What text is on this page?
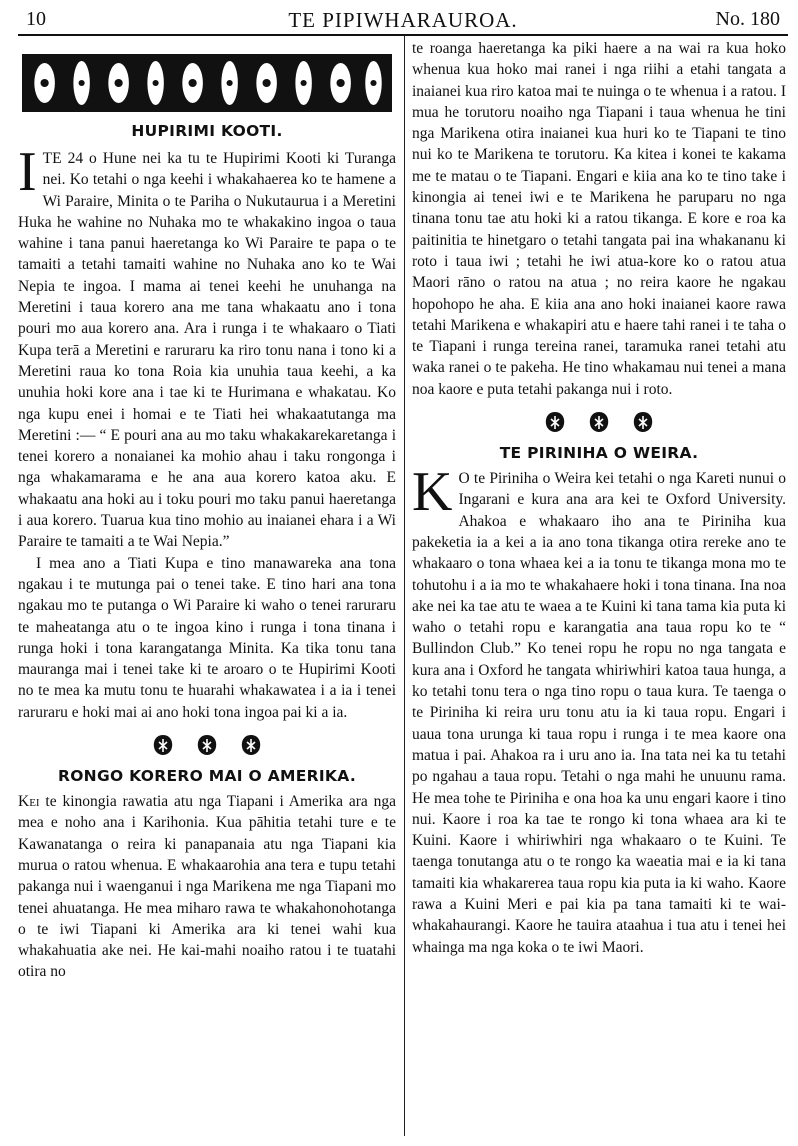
10	TE PIPIWHARAUROA.	No. 180
HUPIRIMI KOOTI.

ITE 24 o Hune nei ka tu te Hupirimi Kooti ki Turanga nei. Ko tetahi o nga keehi i whakahaerea ko te hamene a Wi Paraire, Minita o te Pariha o Nukutaurua i a Meretini Huka he wahine no Nuhaka mo te whakakino ingoa o taua wahine i tana panui haeretanga ko Wi Paraire te papa o te tamaiti a tetahi tamaiti wahine no Nuhaka ano ko te Wai Nepia te ingoa. I mama ai tenei keehi he unuhanga na Meretini i taua korero ana me tana whakaatu ano i tona pouri mo aua korero ana. Ara i runga i te whakaaro o Tiati Kupa terā a Meretini e raruraru ka riro tonu nana i tono ki a Meretini raua ko tona Roia kia unuhia taua keehi, a ka unuhia hoki kore ana i tae ki te Hurimana e whakatau. Ko nga kupu enei i homai e te Tiati hei whakaatutanga ma Meretini :— “ E pouri ana au mo taku whakakarekaretanga i tenei korero a nonaianei ka mohio ahau i taku rongonga i nga whakamarama e he ana aua korero katoa aku. E whakaatu ana hoki au i toku pouri mo taku panui haeretanga i aua korero. Tuarua kua tino mohio au inaianei ehara i a Wi Paraire te tamaiti a te Wai Nepia.”

I mea ano a Tiati Kupa e tino manawareka ana tona ngakau i te mutunga pai o tenei take. E tino hari ana tona ngakau mo te putanga o Wi Paraire ki waho o tenei raruraru te maheatanga atu o te ingoa kino i runga i tona tinana i runga hoki i tona karangatanga Minita. Ka tika tonu tana mauranga mai i tenei take ki te aroaro o te Hupirimi Kooti no te mea ka mutu tonu te huarahi whakawatea i a ia i tenei raruraru e hoki mai ai ano hoki tona ingoa pai ki a ia.

RONGO KORERO MAI O AMERIKA.

Kei te kinongia rawatia atu nga Tiapani i Amerika ara nga mea e noho ana i Karihonia. Kua pāhitia tetahi ture e te Kawanatanga o reira ki panapanaia atu nga Tiapani kia murua o ratou whenua. E whakaarohia ana tera e tupu tetahi pakanga nui i waenganui i nga Marikena me nga Tiapani mo tenei ahuatanga. He mea miharo rawa te whakahonohotanga o te iwi Tiapani ki Amerika ara ki tenei wahi kua whakahuatia ake nei. He kai-mahi noaiho ratou i te tuatahi otira no

te roanga haeretanga ka piki haere a na wai ra kua hoko whenua kua hoko mai ranei i nga riihi a etahi tangata a inaianei kua riro katoa mai te nuinga o te whenua i a ratou. I mua he torutoru noaiho nga Tiapani i taua whenua he tini nga Marikena otira inaianei kua huri ko te Tiapani te tino nui ko te Marikena te torutoru. Ka kitea i konei te kakama me te matau o te Tiapani. Engari e kiia ana ko te tino take i kinongia ai tenei iwi e te Marikena he paruparu no nga tinana tonu tae atu hoki ki a ratou tikanga. E kore e roa ka paitinitia te hinetgaro o tetahi tangata pai ina whakananu ki roto i taua iwi ; tetahi he iwi atua-kore ko o ratou atua Maori rāno o ratou na atua ; no reira kaore he ngakau hopohopo he aha. E kiia ana ano hoki inaianei kaore rawa tetahi Marikena e whakapiri atu e haere tahi ranei i te taha o te Tiapani i runga tereina ranei, taramuka ranei tetahi atu waka ranei o te pakeha. He tino whakamau nui tenei a mana noa kaore e puta tetahi pakanga nui i roto.

TE PIRINIHA O WEIRA.

K O te Piriniha o Weira kei tetahi o nga Kareti nunui o Ingarani e kura ana ara kei te Oxford University. Ahakoa e whakaaro iho ana te Piriniha kua pakeketia ia a kei a ia ano tona tikanga otira rereke ano te whakaaro o tona whaea kei a ia tonu te tikanga mona mo te tohutohu i a ia mo te whakahaere hoki i tona tinana. Ina noa ake nei ka tae atu te waea a te Kuini ki tana tama kia puta ki waho o tetahi ropu e karangatia ana taua ropu ko te “ Bullindon Club.” Ko tenei ropu he ropu no nga tangata e kura ana i Oxford he tangata whiriwhiri katoa taua hunga, a ko tetahi tonu tera o nga tino ropu o taua kura. Te taenga o te Piriniha ki reira uru tonu atu ia ki taua ropu. Engari i uaua tona urunga ki taua ropu i runga i te mea kaore ona matua i pai. Ahakoa ra i uru ano ia. Ina tata nei ka tu tetahi po ngahau a taua ropu. Tetahi o nga mahi he unuunu rama. He mea tohe te Piriniha e ona hoa ka unu engari kaore i tino nui. Kaore i roa ka tae te rongo ki tona whaea ara ki te Kuini. Kaore i whiriwhiri nga whakaaro o te Kuini. Te taenga tonutanga atu o te rongo ka waeatia mai e ia ki tana tamaiti kia whakarerea taua ropu kia puta ia ki waho. Kaore rawa a Kuini Meri e pai kia pa tana tamaiti ki te wai-whakahaurangi. Kaore he tauira ataahua i tua atu i tenei hei whainga ma nga koka o te iwi Maori.
